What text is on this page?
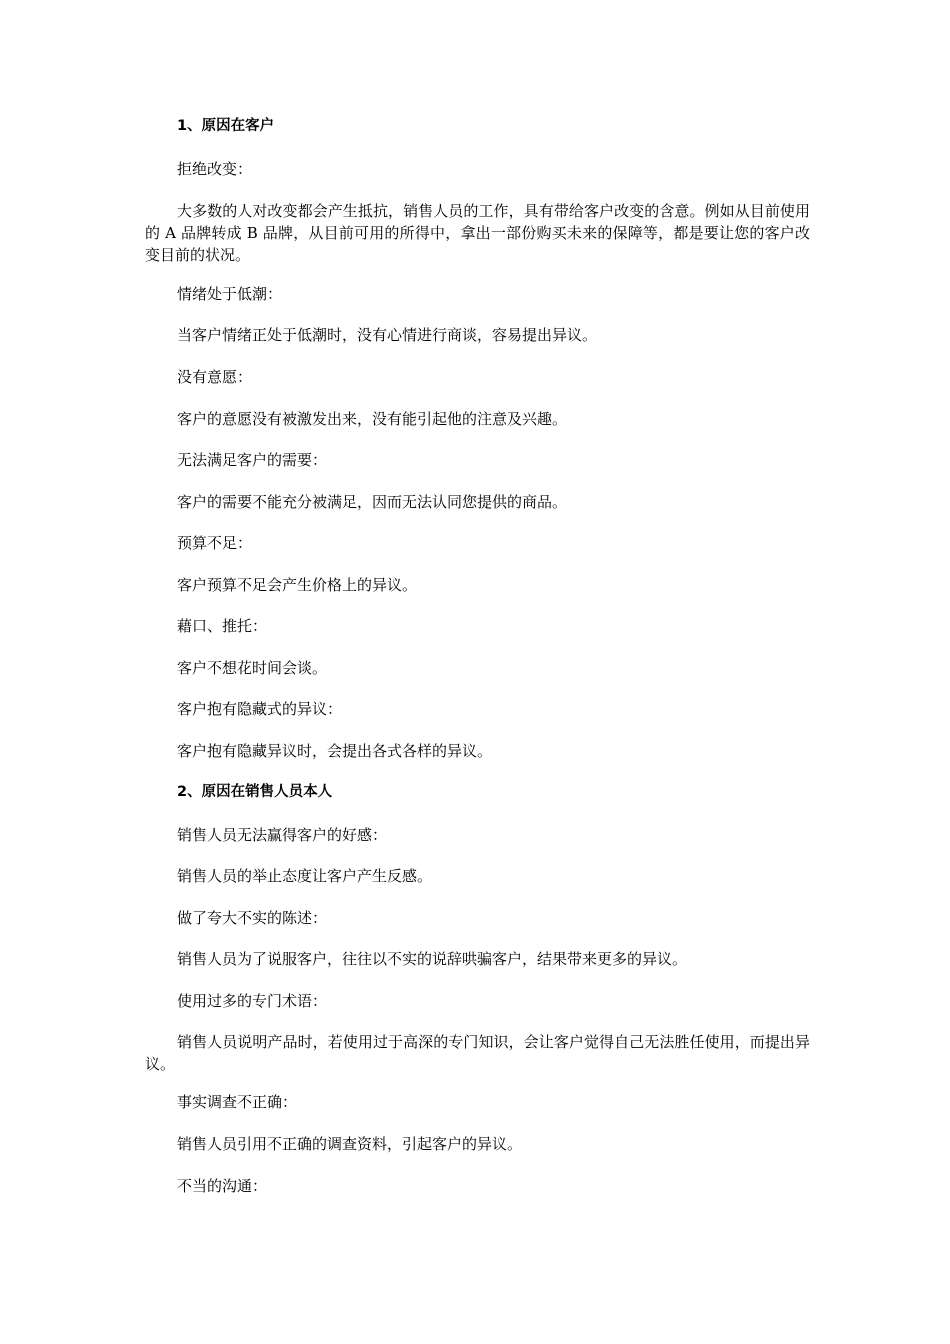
1、原因在客户
拒绝改变：
大多数的人对改变都会产生抵抗，销售人员的工作，具有带给客户改变的含意。例如从目前使用的 A 品牌转成 B 品牌，从目前可用的所得中，拿出一部份购买未来的保障等，都是要让您的客户改变目前的状况。
情绪处于低潮：
当客户情绪正处于低潮时，没有心情进行商谈，容易提出异议。
没有意愿：
客户的意愿没有被激发出来，没有能引起他的注意及兴趣。
无法满足客户的需要：
客户的需要不能充分被满足，因而无法认同您提供的商品。
预算不足：
客户预算不足会产生价格上的异议。
藉口、推托：
客户不想花时间会谈。
客户抱有隐藏式的异议：
客户抱有隐藏异议时，会提出各式各样的异议。
2、原因在销售人员本人
销售人员无法赢得客户的好感：
销售人员的举止态度让客户产生反感。
做了夸大不实的陈述：
销售人员为了说服客户，往往以不实的说辞哄骗客户，结果带来更多的异议。
使用过多的专门术语：
销售人员说明产品时，若使用过于高深的专门知识，会让客户觉得自己无法胜任使用，而提出异议。
事实调查不正确：
销售人员引用不正确的调查资料，引起客户的异议。
不当的沟通：
